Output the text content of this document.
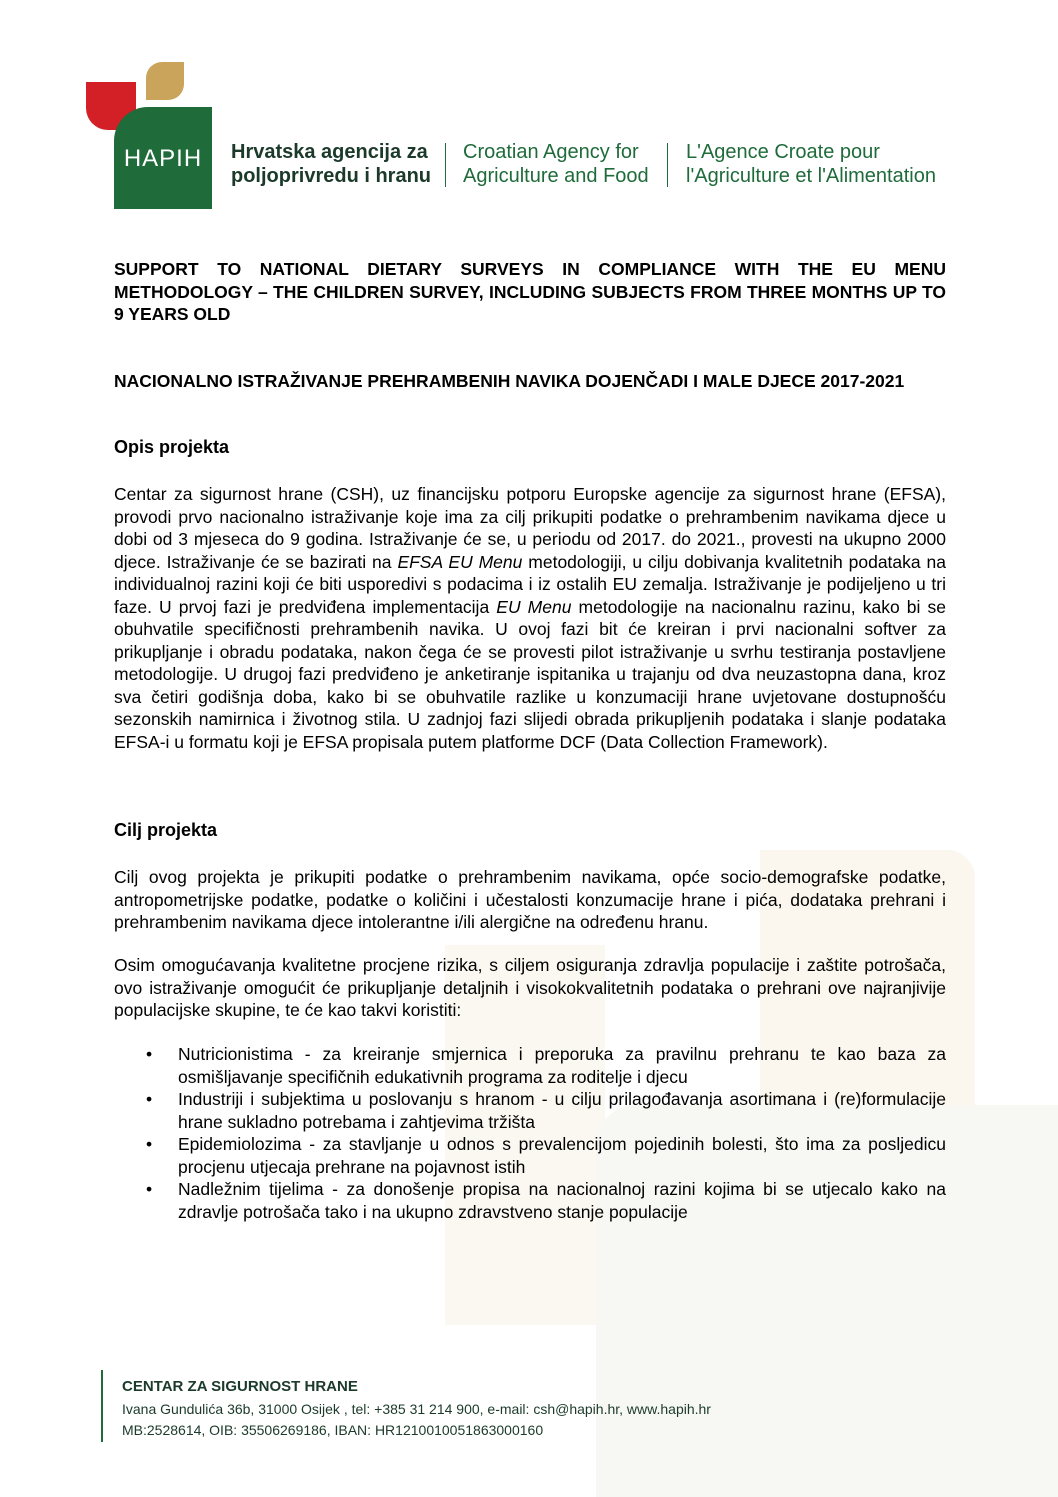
HAPIH	Hrvatska agencija za
poljoprivredu i hranu
Croatian Agency for
Agriculture and Food
L'Agence Croate pour
l'Agriculture et l'Alimentation
SUPPORT TO NATIONAL DIETARY SURVEYS IN COMPLIANCE WITH THE EU MENU METHODOLOGY – THE CHILDREN SURVEY, INCLUDING SUBJECTS FROM THREE MONTHS UP TO 9 YEARS OLD
NACIONALNO ISTRAŽIVANJE PREHRAMBENIH NAVIKA DOJENČADI I MALE DJECE 2017-2021
Opis projekta
Centar za sigurnost hrane (CSH), uz financijsku potporu Europske agencije za sigurnost hrane (EFSA), provodi prvo nacionalno istraživanje koje ima za cilj prikupiti podatke o prehrambenim navikama djece u dobi od 3 mjeseca do 9 godina. Istraživanje će se, u periodu od 2017. do 2021., provesti na ukupno 2000 djece. Istraživanje će se bazirati na EFSA EU Menu metodologiji, u cilju dobivanja kvalitetnih podataka na individualnoj razini koji će biti usporedivi s podacima i iz ostalih EU zemalja. Istraživanje je podijeljeno u tri faze. U prvoj fazi je predviđena implementacija EU Menu metodologije na nacionalnu razinu, kako bi se obuhvatile specifičnosti prehrambenih navika. U ovoj fazi bit će kreiran i prvi nacionalni softver za prikupljanje i obradu podataka, nakon čega će se provesti pilot istraživanje u svrhu testiranja postavljene metodologije. U drugoj fazi predviđeno je anketiranje ispitanika u trajanju od dva neuzastopna dana, kroz sva četiri godišnja doba, kako bi se obuhvatile razlike u konzumaciji hrane uvjetovane dostupnošću sezonskih namirnica i životnog stila. U zadnjoj fazi slijedi obrada prikupljenih podataka i slanje podataka EFSA-i u formatu koji je EFSA propisala putem platforme DCF (Data Collection Framework).
Cilj projekta
Cilj ovog projekta je prikupiti podatke o prehrambenim navikama, opće socio-demografske podatke, antropometrijske podatke, podatke o količini i učestalosti konzumacije hrane i pića, dodataka prehrani i prehrambenim navikama djece intolerantne i/ili alergične na određenu hranu.
Osim omogućavanja kvalitetne procjene rizika, s ciljem osiguranja zdravlja populacije i zaštite potrošača, ovo istraživanje omogućit će prikupljanje detaljnih i visokokvalitetnih podataka o prehrani ove najranjivije populacijske skupine, te će kao takvi koristiti:
• Nutricionistima - za kreiranje smjernica i preporuka za pravilnu prehranu te kao baza za osmišljavanje specifičnih edukativnih programa za roditelje i djecu
• Industriji i subjektima u poslovanju s hranom - u cilju prilagođavanja asortimana i (re)formulacije hrane sukladno potrebama i zahtjevima tržišta
• Epidemiolozima - za stavljanje u odnos s prevalencijom pojedinih bolesti, što ima za posljedicu procjenu utjecaja prehrane na pojavnost istih
• Nadležnim tijelima - za donošenje propisa na nacionalnoj razini kojima bi se utjecalo kako na zdravlje potrošača tako i na ukupno zdravstveno stanje populacije
CENTAR ZA SIGURNOST HRANE
Ivana Gundulića 36b, 31000 Osijek , tel: +385 31 214 900, e-mail: csh@hapih.hr, www.hapih.hr
MB:2528614, OIB: 35506269186, IBAN: HR1210010051863000160
